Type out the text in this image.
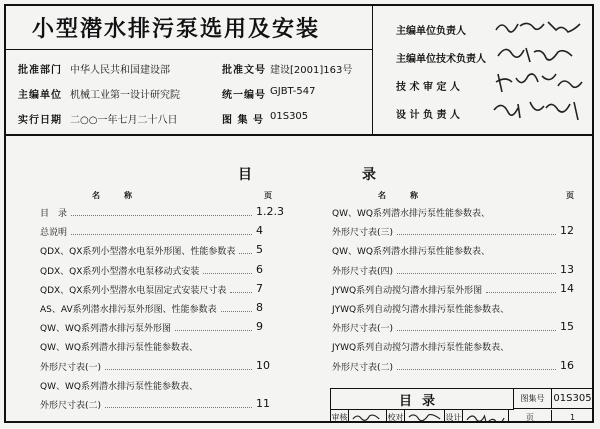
小型潜水排污泵选用及安装
批准部门 中华人民共和国建设部	批准文号 建设[2001]163号
主编单位 机械工业第一设计研究院	统一编号 GJBT-547
实行日期 二○○一年七月二十八日	图 集 号 01S305
主编单位负责人
主编单位技术负责人
技 术 审 定 人
设 计 负 责 人
目	录
名　　　称	页	名　　　称	页
目　录	1.2.3
总说明	4
QDX、QX系列小型潜水电泵外形图、性能参数表 5
QDX、QX系列小型潜水电泵移动式安装	6
QDX、QX系列小型潜水电泵固定式安装尺寸表	7
AS、AV系列潜水排污泵外形图、性能参数表	8
QW、WQ系列潜水排污泵外形图	9
QW、WQ系列潜水排污泵性能参数表、
外形尺寸表(一)	10
QW、WQ系列潜水排污泵性能参数表、
外形尺寸表(二)	11
QW、WQ系列潜水排污泵性能参数表、
外形尺寸表(三)	12
QW、WQ系列潜水排污泵性能参数表、
外形尺寸表(四)	13
JYWQ系列自动搅匀潜水排污泵外形图	14
JYWQ系列自动搅匀潜水排污泵性能参数表、
外形尺寸表(一)	15
JYWQ系列自动搅匀潜水排污泵性能参数表、
外形尺寸表(二)	16
目录	图集号 01S305
审核	校对	设计	页	1
